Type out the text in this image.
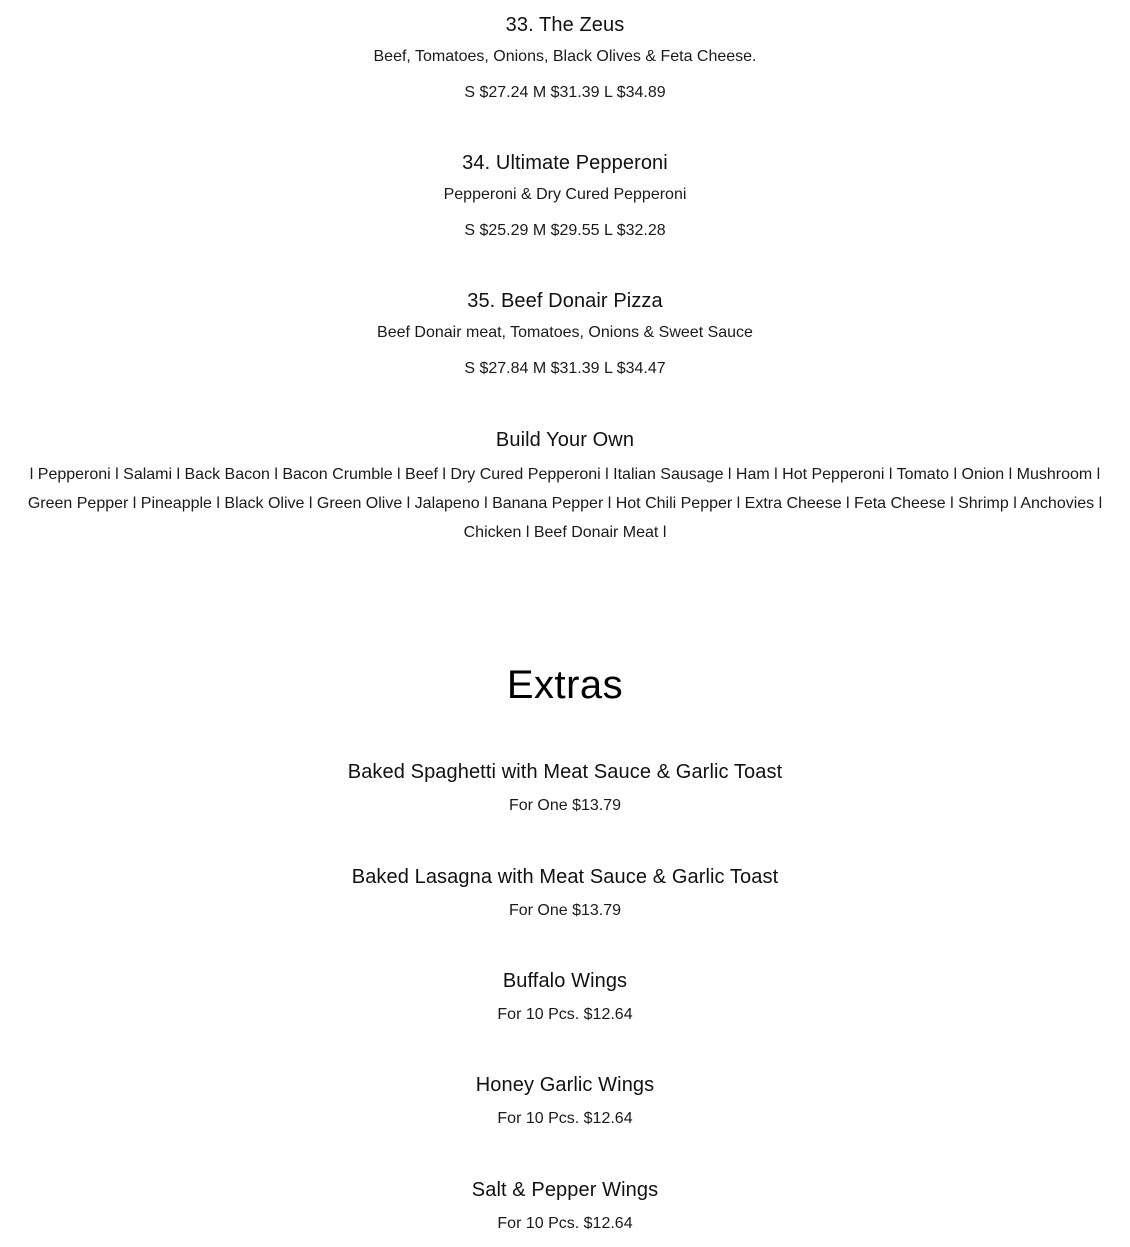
33. The Zeus

Beef, Tomatoes, Onions, Black Olives & Feta Cheese.

S $27.24 M $31.39 L $34.89

34. Ultimate Pepperoni

Pepperoni & Dry Cured Pepperoni

S $25.29 M $29.55 L $32.28

35. Beef Donair Pizza

Beef Donair meat, Tomatoes, Onions & Sweet Sauce

S $27.84 M $31.39 L $34.47

Build Your Own

l Pepperoni l Salami l Back Bacon l Bacon Crumble l Beef l Dry Cured Pepperoni l Italian Sausage l Ham l Hot Pepperoni l Tomato l Onion l Mushroom l Green Pepper l Pineapple l Black Olive l Green Olive l Jalapeno l Banana Pepper l Hot Chili Pepper l Extra Cheese l Feta Cheese l Shrimp l Anchovies l Chicken l Beef Donair Meat l

Extras
Baked Spaghetti with Meat Sauce & Garlic Toast

For One $13.79

Baked Lasagna with Meat Sauce & Garlic Toast

For One $13.79

Buffalo Wings

For 10 Pcs. $12.64

Honey Garlic Wings

For 10 Pcs. $12.64

Salt & Pepper Wings

For 10 Pcs. $12.64
